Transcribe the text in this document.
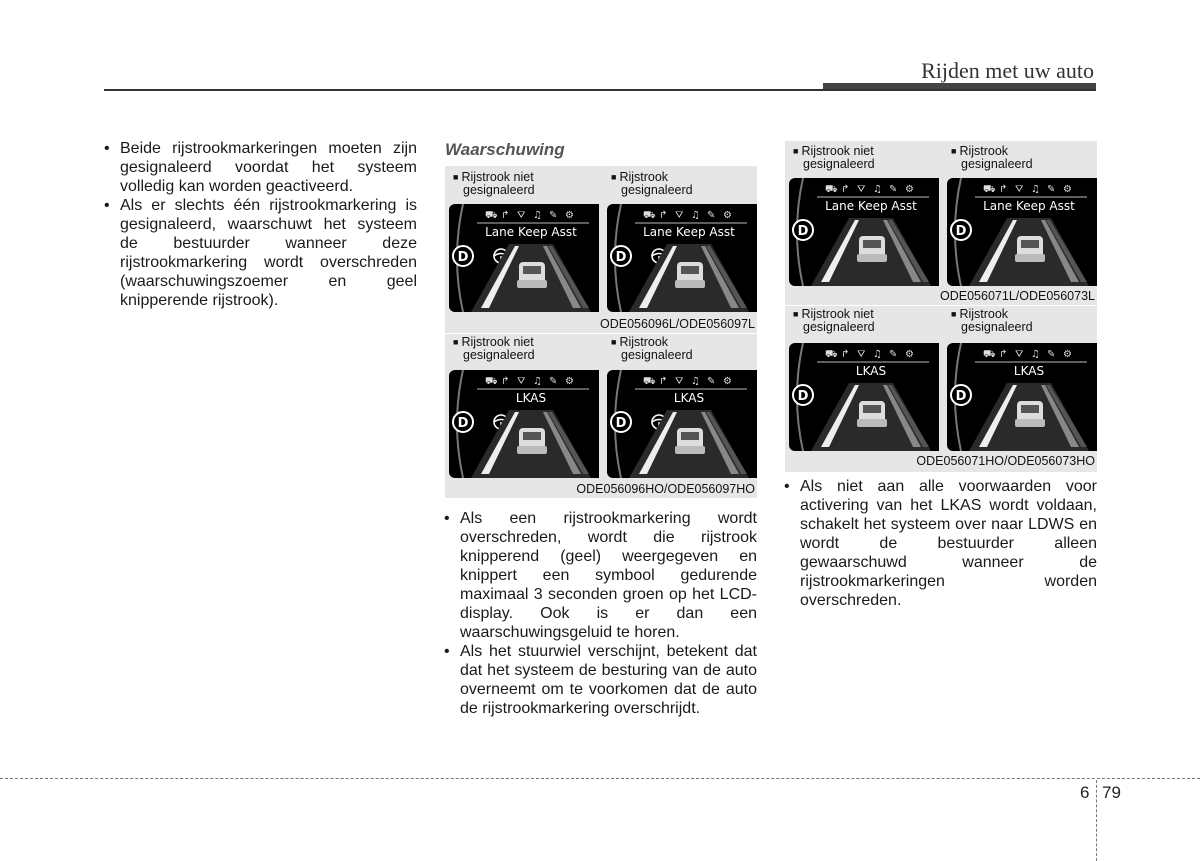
Rijden met uw auto
• Beide rijstrookmarkeringen moeten zijn gesignaleerd voordat het systeem volledig kan worden geactiveerd.
• Als er slechts één rijstrookmarkering is gesignaleerd, waarschuwt het systeem de bestuurder wanneer deze rijstrookmarkering wordt overschreden (waarschuwingszoemer en geel knipperende rijstrook).
Waarschuwing
■ Rijstrook niet
gesignaleerd
⛟ ↱ ⛛ ♫ ✎ ⚙
Lane Keep Asst
D
■ Rijstrook
gesignaleerd
⛟ ↱ ⛛ ♫ ✎ ⚙
Lane Keep Asst
D
ODE056096L/ODE056097L
■ Rijstrook niet
gesignaleerd
⛟ ↱ ⛛ ♫ ✎ ⚙
LKAS
D
■ Rijstrook
gesignaleerd
⛟ ↱ ⛛ ♫ ✎ ⚙
LKAS
D
ODE056096HO/ODE056097HO
• Als een rijstrookmarkering wordt overschreden, wordt die rijstrook knipperend (geel) weergegeven en knippert een symbool gedurende maximaal 3 seconden groen op het LCD-display. Ook is er dan een waarschuwingsgeluid te horen.
• Als het stuurwiel verschijnt, betekent dat dat het systeem de besturing van de auto overneemt om te voorkomen dat de auto de rijstrookmarkering overschrijdt.
■ Rijstrook niet
gesignaleerd
⛟ ↱ ⛛ ♫ ✎ ⚙
Lane Keep Asst
D
■ Rijstrook
gesignaleerd
⛟ ↱ ⛛ ♫ ✎ ⚙
Lane Keep Asst
D
ODE056071L/ODE056073L
■ Rijstrook niet
gesignaleerd
⛟ ↱ ⛛ ♫ ✎ ⚙
LKAS
D
■ Rijstrook
gesignaleerd
⛟ ↱ ⛛ ♫ ✎ ⚙
LKAS
D
ODE056071HO/ODE056073HO
• Als niet aan alle voorwaarden voor activering van het LKAS wordt voldaan, schakelt het systeem over naar LDWS en wordt de bestuurder alleen gewaarschuwd wanneer de rijstrookmarkeringen worden overschreden.
6 79
